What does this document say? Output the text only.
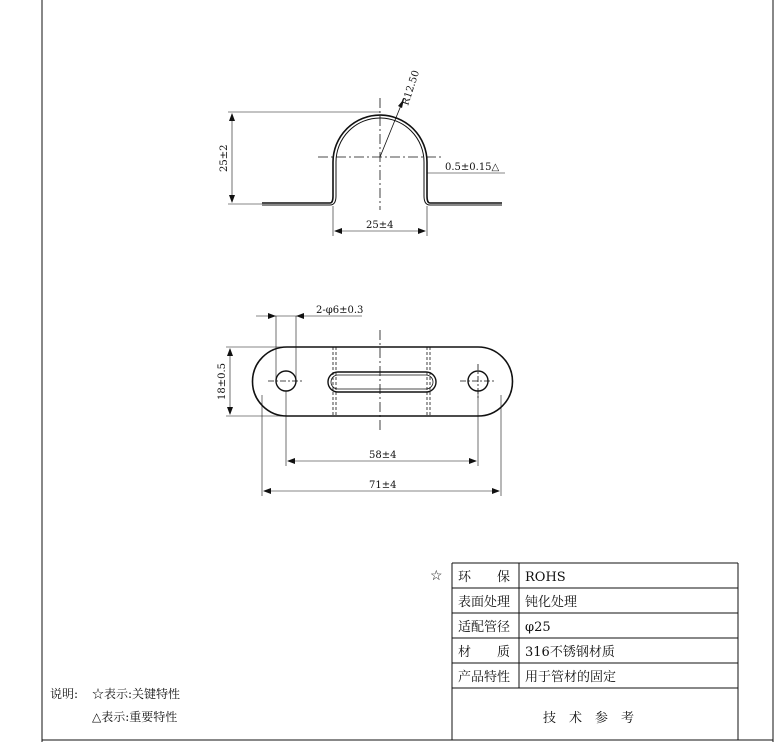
R12.50
25±2	0.5±0.15△
25±4
2-φ6±0.3
18±0.5
58±4
71±4
☆ 环　　保 ROHS
表面处理 钝化处理
适配管径 φ25
材　　质 316不锈钢材质
产品特性 用于管材的固定
技　术　参　考
说明: ☆表示:关键特性
△表示:重要特性
